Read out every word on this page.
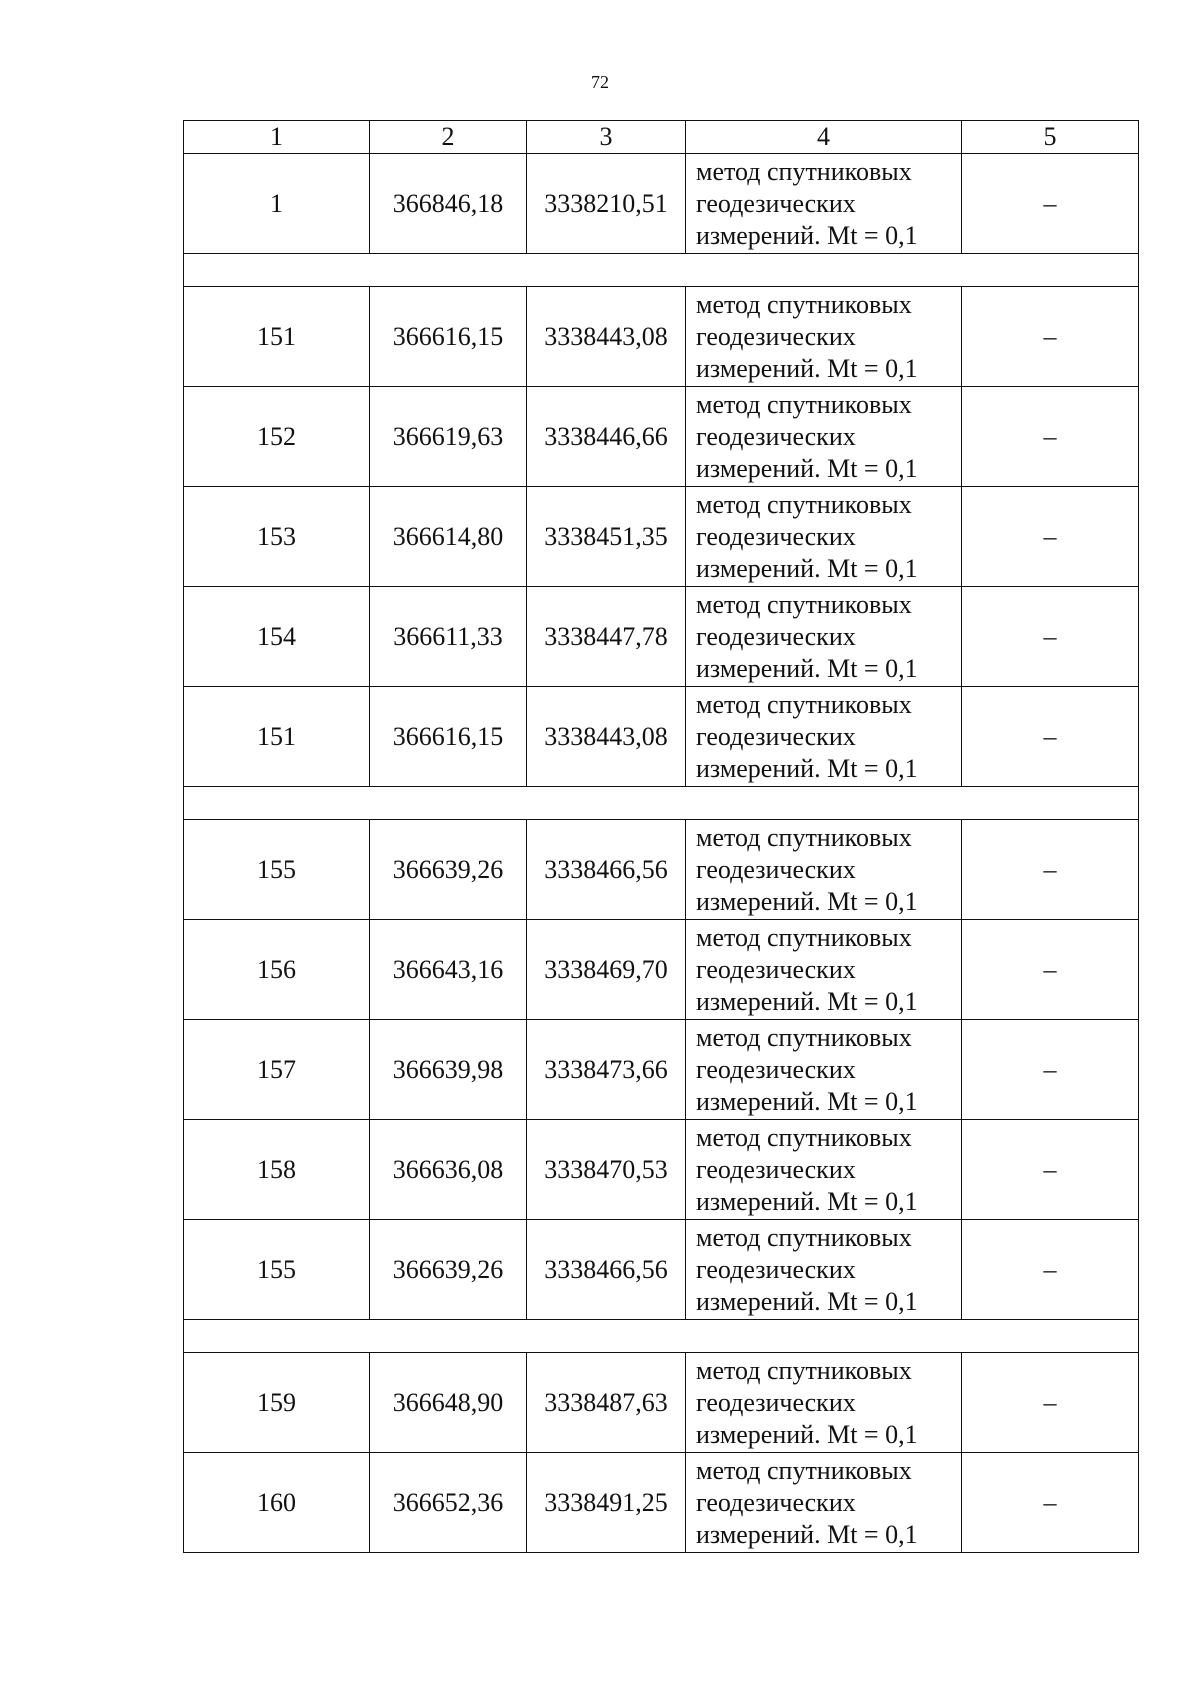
72
1	2	3	4	5
1	366846,18	3338210,51	метод спутниковых
геодезических
измерений. Mt = 0,1	–

151	366616,15	3338443,08	метод спутниковых
геодезических
измерений. Mt = 0,1	–
152	366619,63	3338446,66	метод спутниковых
геодезических
измерений. Mt = 0,1	–
153	366614,80	3338451,35	метод спутниковых
геодезических
измерений. Mt = 0,1	–
154	366611,33	3338447,78	метод спутниковых
геодезических
измерений. Mt = 0,1	–
151	366616,15	3338443,08	метод спутниковых
геодезических
измерений. Mt = 0,1	–

155	366639,26	3338466,56	метод спутниковых
геодезических
измерений. Mt = 0,1	–
156	366643,16	3338469,70	метод спутниковых
геодезических
измерений. Mt = 0,1	–
157	366639,98	3338473,66	метод спутниковых
геодезических
измерений. Mt = 0,1	–
158	366636,08	3338470,53	метод спутниковых
геодезических
измерений. Mt = 0,1	–
155	366639,26	3338466,56	метод спутниковых
геодезических
измерений. Mt = 0,1	–

159	366648,90	3338487,63	метод спутниковых
геодезических
измерений. Mt = 0,1	–
160	366652,36	3338491,25	метод спутниковых
геодезических
измерений. Mt = 0,1	–
